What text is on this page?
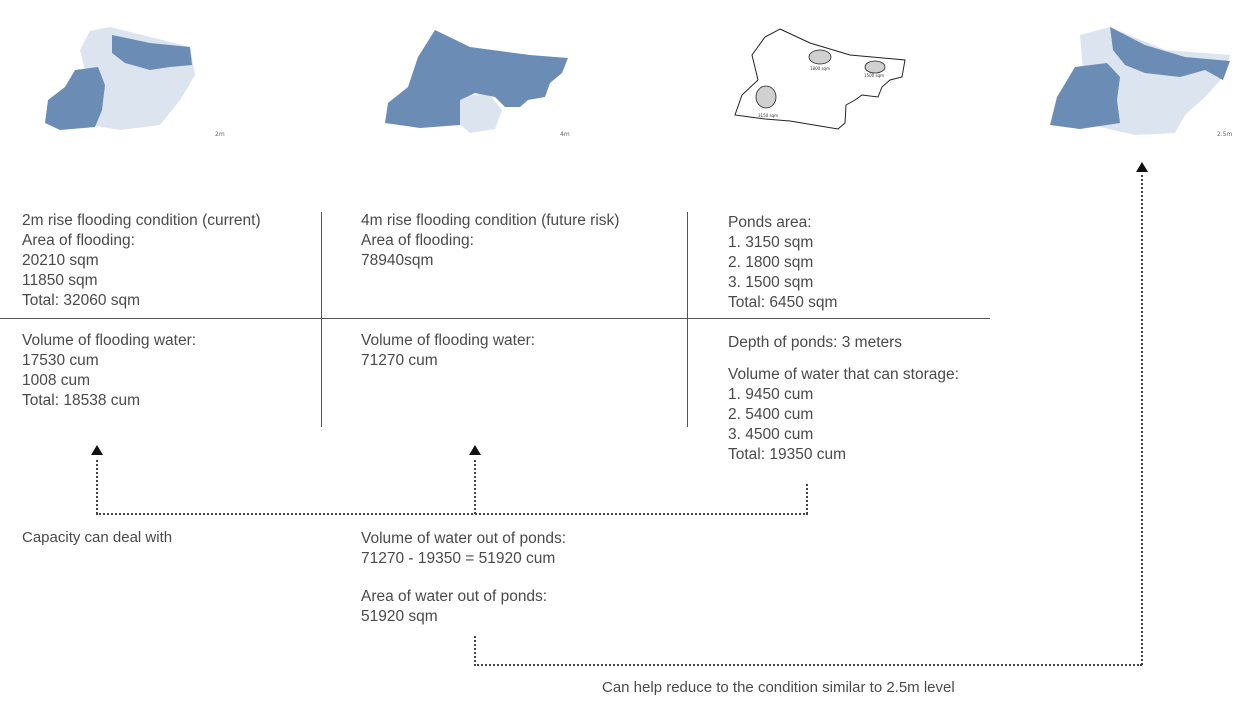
2m	4m
1800 sqm
1500 sqm
3150 sqm
2.5m
2m rise flooding condition (current)
Area of flooding:
20210 sqm
11850 sqm
Total: 32060 sqm
Volume of flooding water:
17530 cum
1008 cum
Total: 18538 cum
4m rise flooding condition (future risk)
Area of flooding:
78940sqm
Volume of flooding water:
71270 cum
Ponds area:
1. 3150 sqm
2. 1800 sqm
3. 1500 sqm
Total: 6450 sqm
Depth of ponds: 3 meters
Volume of water that can storage:
1. 9450 cum
2. 5400 cum
3. 4500 cum
Total: 19350 cum
Capacity can deal with	Volume of water out of ponds:
71270 - 19350 = 51920 cum
Area of water out of ponds:
51920 sqm
Can help reduce to the condition similar to 2.5m level
